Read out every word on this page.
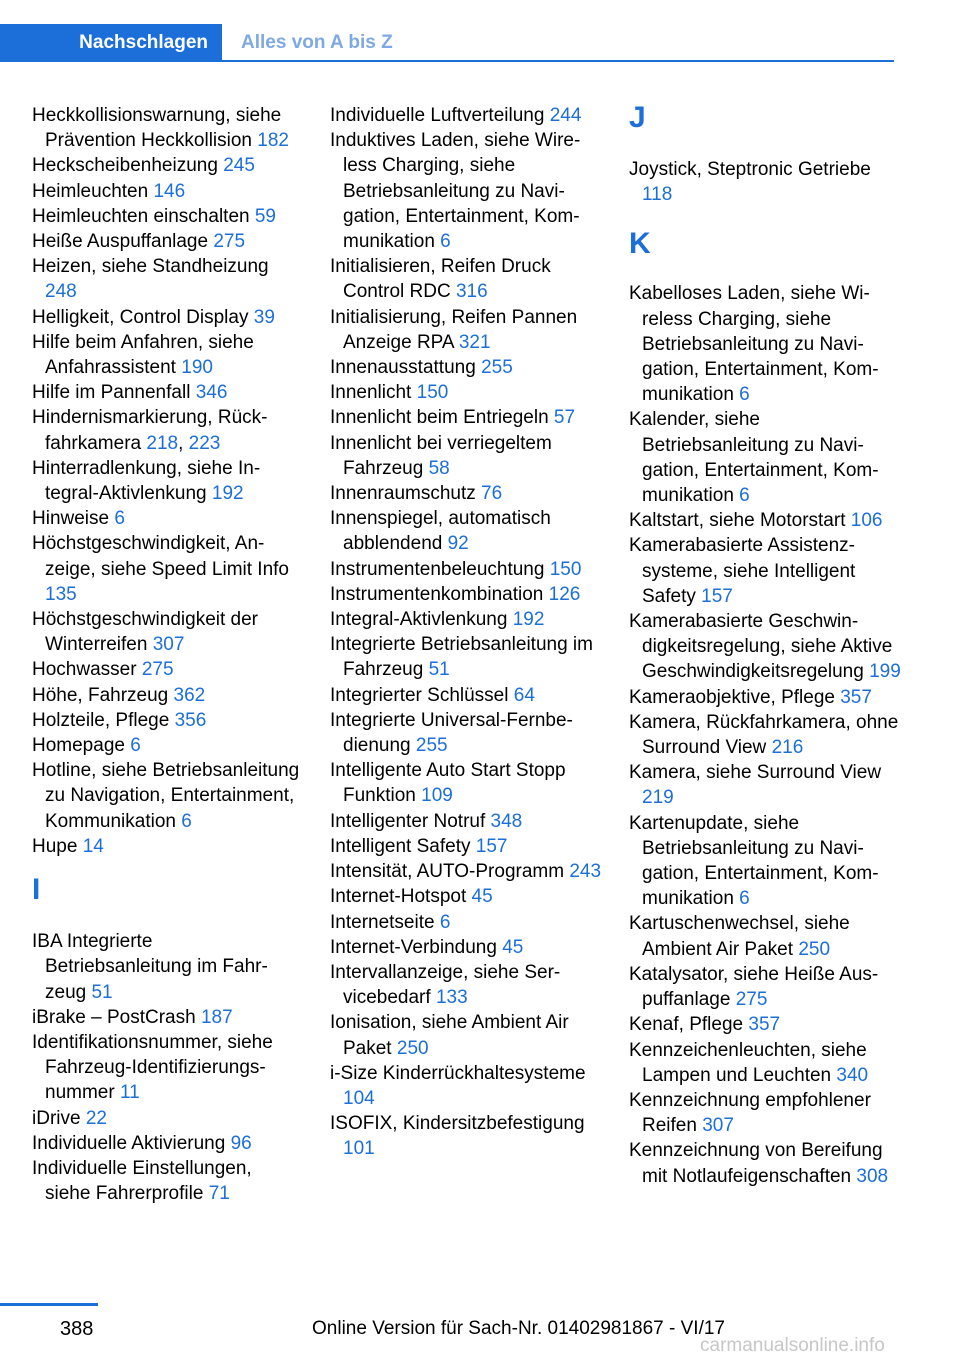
Nachschlagen	Alles von A bis Z
Heckkollisionswarnung, siehe Prävention Heckkollision 182
Heckscheibenheizung 245
Heimleuchten 146
Heimleuchten einschalten 59
Heiße Auspuffanlage 275
Heizen, siehe Standheizung 248
Helligkeit, Control Display 39
Hilfe beim Anfahren, siehe Anfahrassistent 190
Hilfe im Pannenfall 346
Hindernismarkierung, Rückfahrkamera 218, 223
Hinterradlenkung, siehe Integral-Aktivlenkung 192
Hinweise 6
Höchstgeschwindigkeit, Anzeige, siehe Speed Limit Info 135
Höchstgeschwindigkeit der Winterreifen 307
Hochwasser 275
Höhe, Fahrzeug 362
Holzteile, Pflege 356
Homepage 6
Hotline, siehe Betriebsanleitung zu Navigation, Entertainment, Kommunikation 6
Hupe 14
I
IBA Integrierte Betriebsanleitung im Fahrzeug 51
iBrake – PostCrash 187
Identifikationsnummer, siehe Fahrzeug-Identifizierungsnummer 11
iDrive 22
Individuelle Aktivierung 96
Individuelle Einstellungen, siehe Fahrerprofile 71
Individuelle Luftverteilung 244
Induktives Laden, siehe Wireless Charging, siehe Betriebsanleitung zu Navigation, Entertainment, Kommunikation 6
Initialisieren, Reifen Druck Control RDC 316
Initialisierung, Reifen Pannen Anzeige RPA 321
Innenausstattung 255
Innenlicht 150
Innenlicht beim Entriegeln 57
Innenlicht bei verriegeltem Fahrzeug 58
Innenraumschutz 76
Innenspiegel, automatisch abblendend 92
Instrumentenbeleuchtung 150
Instrumentenkombination 126
Integral-Aktivlenkung 192
Integrierte Betriebsanleitung im Fahrzeug 51
Integrierter Schlüssel 64
Integrierte Universal-Fernbedienung 255
Intelligente Auto Start Stopp Funktion 109
Intelligenter Notruf 348
Intelligent Safety 157
Intensität, AUTO-Programm 243
Internet-Hotspot 45
Internetseite 6
Internet-Verbindung 45
Intervallanzeige, siehe Servicebedarf 133
Ionisation, siehe Ambient Air Paket 250
i-Size Kinderrückhaltesysteme 104
ISOFIX, Kindersitzbefestigung 101
J
Joystick, Steptronic Getriebe 118
K
Kabelloses Laden, siehe Wireless Charging, siehe Betriebsanleitung zu Navigation, Entertainment, Kommunikation 6
Kalender, siehe Betriebsanleitung zu Navigation, Entertainment, Kommunikation 6
Kaltstart, siehe Motorstart 106
Kamerabasierte Assistenzsysteme, siehe Intelligent Safety 157
Kamerabasierte Geschwindigkeitsregelung, siehe Aktive Geschwindigkeitsregelung 199
Kameraobjektive, Pflege 357
Kamera, Rückfahrkamera, ohne Surround View 216
Kamera, siehe Surround View 219
Kartenupdate, siehe Betriebsanleitung zu Navigation, Entertainment, Kommunikation 6
Kartuschenwechsel, siehe Ambient Air Paket 250
Katalysator, siehe Heiße Auspuffanlage 275
Kenaf, Pflege 357
Kennzeichenleuchten, siehe Lampen und Leuchten 340
Kennzeichnung empfohlener Reifen 307
Kennzeichnung von Bereifung mit Notlaufeigenschaften 308
388	Online Version für Sach-Nr. 01402981867 - VI/17
carmanualsonline.info
